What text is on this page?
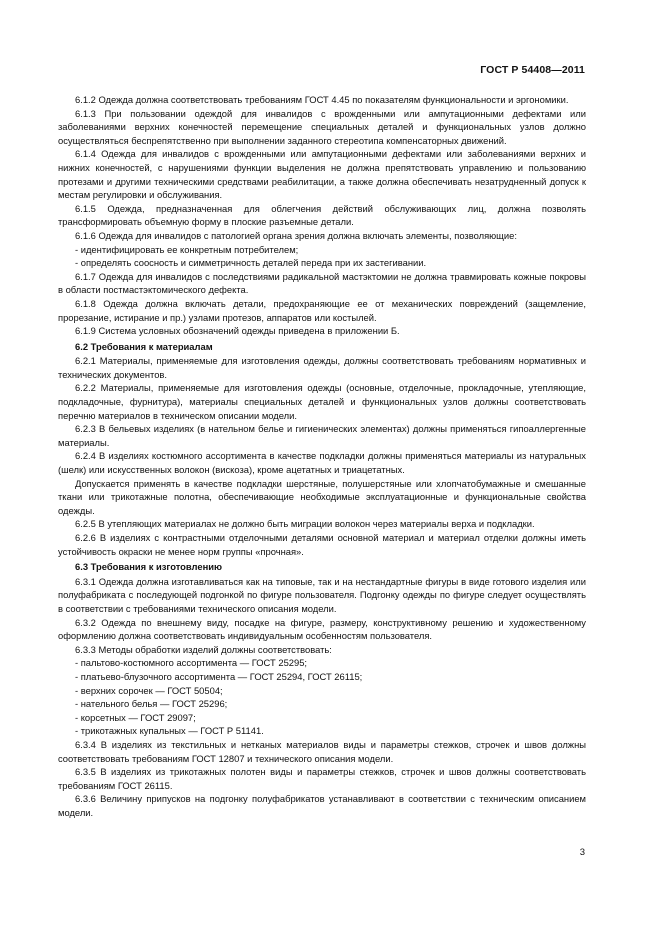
ГОСТ Р 54408—2011

6.1.2 Одежда должна соответствовать требованиям ГОСТ 4.45 по показателям функциональности и эргономики.

6.1.3 При пользовании одеждой для инвалидов с врожденными или ампутационными дефектами или заболеваниями верхних конечностей перемещение специальных деталей и функциональных узлов должно осуществляться беспрепятственно при выполнении заданного стереотипа компенсаторных движений.

6.1.4 Одежда для инвалидов с врожденными или ампутационными дефектами или заболеваниями верхних и нижних конечностей, с нарушениями функции выделения не должна препятствовать управлению и пользованию протезами и другими техническими средствами реабилитации, а также должна обеспечивать незатрудненный допуск к местам регулировки и обслуживания.

6.1.5 Одежда, предназначенная для облегчения действий обслуживающих лиц, должна позволять трансформировать объемную форму в плоские разъемные детали.

6.1.6 Одежда для инвалидов с патологией органа зрения должна включать элементы, позволяющие:

- идентифицировать ее конкретным потребителем;

- определять соосность и симметричность деталей переда при их застегивании.

6.1.7 Одежда для инвалидов с последствиями радикальной мастэктомии не должна травмировать кожные покровы в области постмастэктомического дефекта.

6.1.8 Одежда должна включать детали, предохраняющие ее от механических повреждений (защемление, прорезание, истирание и пр.) узлами протезов, аппаратов или костылей.

6.1.9 Система условных обозначений одежды приведена в приложении Б.

6.2 Требования к материалам

6.2.1 Материалы, применяемые для изготовления одежды, должны соответствовать требованиям нормативных и технических документов.

6.2.2 Материалы, применяемые для изготовления одежды (основные, отделочные, прокладочные, утепляющие, подкладочные, фурнитура), материалы специальных деталей и функциональных узлов должны соответствовать перечню материалов в техническом описании модели.

6.2.3 В бельевых изделиях (в нательном белье и гигиенических элементах) должны применяться гипоаллергенные материалы.

6.2.4 В изделиях костюмного ассортимента в качестве подкладки должны применяться материалы из натуральных (шелк) или искусственных волокон (вискоза), кроме ацетатных и триацетатных.

Допускается применять в качестве подкладки шерстяные, полушерстяные или хлопчатобумажные и смешанные ткани или трикотажные полотна, обеспечивающие необходимые эксплуатационные и функциональные свойства одежды.

6.2.5 В утепляющих материалах не должно быть миграции волокон через материалы верха и подкладки.

6.2.6 В изделиях с контрастными отделочными деталями основной материал и материал отделки должны иметь устойчивость окраски не менее норм группы «прочная».

6.3 Требования к изготовлению

6.3.1 Одежда должна изготавливаться как на типовые, так и на нестандартные фигуры в виде готового изделия или полуфабриката с последующей подгонкой по фигуре пользователя. Подгонку одежды по фигуре следует осуществлять в соответствии с требованиями технического описания модели.

6.3.2 Одежда по внешнему виду, посадке на фигуре, размеру, конструктивному решению и художественному оформлению должна соответствовать индивидуальным особенностям пользователя.

6.3.3 Методы обработки изделий должны соответствовать:

- пальтово-костюмного ассортимента — ГОСТ 25295;

- платьево-блузочного ассортимента — ГОСТ 25294, ГОСТ 26115;

- верхних сорочек — ГОСТ 50504;

- нательного белья — ГОСТ 25296;

- корсетных — ГОСТ 29097;

- трикотажных купальных — ГОСТ Р 51141.

6.3.4 В изделиях из текстильных и нетканых материалов виды и параметры стежков, строчек и швов должны соответствовать требованиям ГОСТ 12807 и технического описания модели.

6.3.5 В изделиях из трикотажных полотен виды и параметры стежков, строчек и швов должны соответствовать требованиям ГОСТ 26115.

6.3.6 Величину припусков на подгонку полуфабрикатов устанавливают в соответствии с техническим описанием модели.

3
